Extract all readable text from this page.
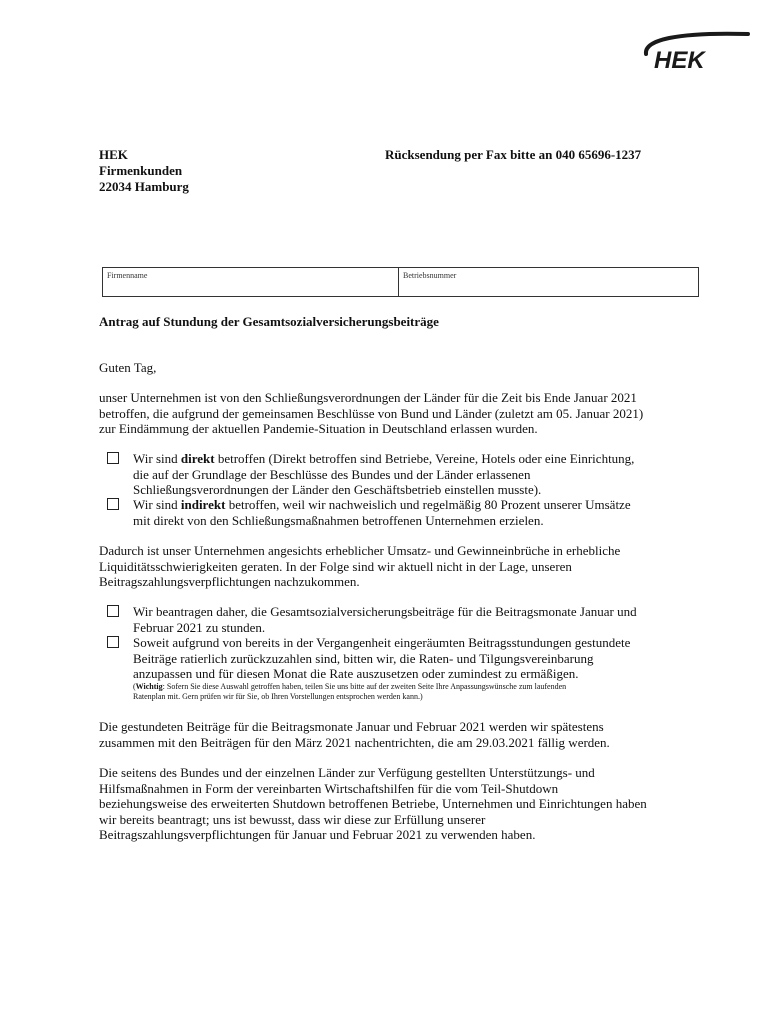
HEK
HEK
Firmenkunden
22034 Hamburg
Rücksendung per Fax bitte an 040 65696-1237
Firmenname	Betriebsnummer
Antrag auf Stundung der Gesamtsozialversicherungsbeiträge
Guten Tag,
unser Unternehmen ist von den Schließungsverordnungen der Länder für die Zeit bis Ende Januar 2021
betroffen, die aufgrund der gemeinsamen Beschlüsse von Bund und Länder (zuletzt am 05. Januar 2021)
zur Eindämmung der aktuellen Pandemie-Situation in Deutschland erlassen wurden.
Wir sind direkt betroffen (Direkt betroffen sind Betriebe, Vereine, Hotels oder eine Einrichtung,
die auf der Grundlage der Beschlüsse des Bundes und der Länder erlassenen
Schließungsverordnungen der Länder den Geschäftsbetrieb einstellen musste).
Wir sind indirekt betroffen, weil wir nachweislich und regelmäßig 80 Prozent unserer Umsätze
mit direkt von den Schließungsmaßnahmen betroffenen Unternehmen erzielen.
Dadurch ist unser Unternehmen angesichts erheblicher Umsatz- und Gewinneinbrüche in erhebliche
Liquiditätsschwierigkeiten geraten. In der Folge sind wir aktuell nicht in der Lage, unseren
Beitragszahlungsverpflichtungen nachzukommen.
Wir beantragen daher, die Gesamtsozialversicherungsbeiträge für die Beitragsmonate Januar und
Februar 2021 zu stunden.
Soweit aufgrund von bereits in der Vergangenheit eingeräumten Beitragsstundungen gestundete
Beiträge ratierlich zurückzuzahlen sind, bitten wir, die Raten- und Tilgungsvereinbarung
anzupassen und für diesen Monat die Rate auszusetzen oder zumindest zu ermäßigen.
(Wichtig: Sofern Sie diese Auswahl getroffen haben, teilen Sie uns bitte auf der zweiten Seite Ihre Anpassungswünsche zum laufenden
Ratenplan mit. Gern prüfen wir für Sie, ob Ihren Vorstellungen entsprochen werden kann.)
Die gestundeten Beiträge für die Beitragsmonate Januar und Februar 2021 werden wir spätestens
zusammen mit den Beiträgen für den März 2021 nachentrichten, die am 29.03.2021 fällig werden.
Die seitens des Bundes und der einzelnen Länder zur Verfügung gestellten Unterstützungs- und
Hilfsmaßnahmen in Form der vereinbarten Wirtschaftshilfen für die vom Teil-Shutdown
beziehungsweise des erweiterten Shutdown betroffenen Betriebe, Unternehmen und Einrichtungen haben
wir bereits beantragt; uns ist bewusst, dass wir diese zur Erfüllung unserer
Beitragszahlungsverpflichtungen für Januar und Februar 2021 zu verwenden haben.
